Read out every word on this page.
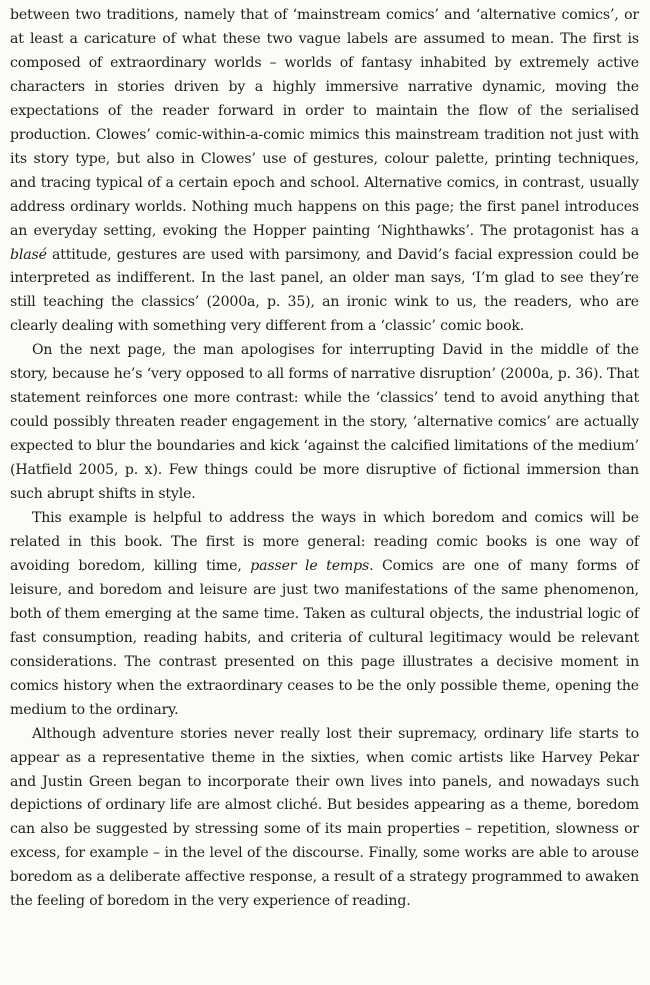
between two traditions, namely that of ‘mainstream comics’ and ‘alternative comics’, or at least a caricature of what these two vague labels are assumed to mean. The first is composed of extraordinary worlds – worlds of fantasy inhabited by extremely active characters in stories driven by a highly immersive narrative dynamic, moving the expectations of the reader forward in order to maintain the flow of the serialised production. Clowes’ comic-within-a-comic mimics this mainstream tradition not just with its story type, but also in Clowes’ use of gestures, colour palette, printing techniques, and tracing typical of a certain epoch and school. Alternative comics, in contrast, usually address ordinary worlds. Nothing much happens on this page; the first panel introduces an everyday setting, evoking the Hopper painting ‘Nighthawks’. The protagonist has a blasé attitude, gestures are used with parsimony, and David’s facial expression could be interpreted as indifferent. In the last panel, an older man says, ‘I’m glad to see they’re still teaching the classics’ (2000a, p. 35), an ironic wink to us, the readers, who are clearly dealing with something very different from a ‘classic’ comic book.

On the next page, the man apologises for interrupting David in the middle of the story, because he’s ‘very opposed to all forms of narrative disruption’ (2000a, p. 36). That statement reinforces one more contrast: while the ‘classics’ tend to avoid anything that could possibly threaten reader engagement in the story, ‘alternative comics’ are actually expected to blur the boundaries and kick ‘against the calcified limitations of the medium’ (Hatfield 2005, p. x). Few things could be more disruptive of fictional immersion than such abrupt shifts in style.

This example is helpful to address the ways in which boredom and comics will be related in this book. The first is more general: reading comic books is one way of avoiding boredom, killing time, passer le temps. Comics are one of many forms of leisure, and boredom and leisure are just two manifestations of the same phenomenon, both of them emerging at the same time. Taken as cultural objects, the industrial logic of fast consumption, reading habits, and criteria of cultural legitimacy would be relevant considerations. The contrast presented on this page illustrates a decisive moment in comics history when the extraordinary ceases to be the only possible theme, opening the medium to the ordinary.

Although adventure stories never really lost their supremacy, ordinary life starts to appear as a representative theme in the sixties, when comic artists like Harvey Pekar and Justin Green began to incorporate their own lives into panels, and nowadays such depictions of ordinary life are almost cliché. But besides appearing as a theme, boredom can also be suggested by stressing some of its main properties – repetition, slowness or excess, for example – in the level of the discourse. Finally, some works are able to arouse boredom as a deliberate affective response, a result of a strategy programmed to awaken the feeling of boredom in the very experience of reading.
